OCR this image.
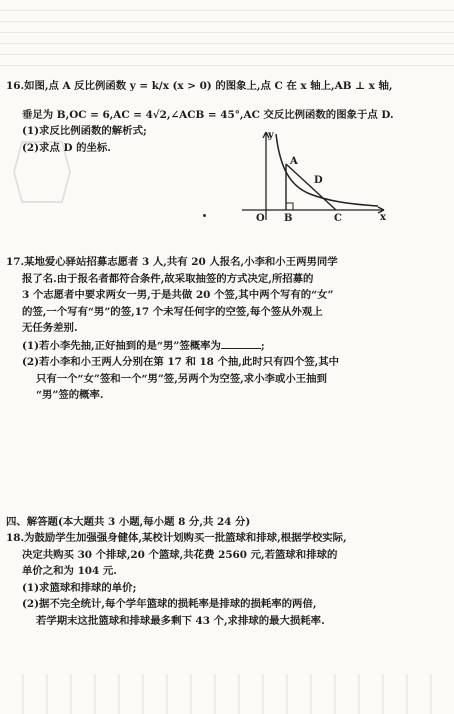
16.如图,点 A 反比例函数 y = k/x (x > 0) 的图象上,点 C 在 x 轴上,AB ⊥ x 轴,
垂足为 B,OC = 6,AC = 4√2,∠ACB = 45°,AC 交反比例函数的图象于点 D.
(1)求反比例函数的解析式;
(2)求点 D 的坐标.
y
x
O B	C
A
D
17.某地爱心驿站招募志愿者 3 人,共有 20 人报名,小李和小王两男同学
报了名.由于报名者都符合条件,故采取抽签的方式决定,所招募的
3 个志愿者中要求两女一男,于是共做 20 个签,其中两个写有的“女”
的签,一个写有“男”的签,17 个未写任何字的空签,每个签从外观上
无任务差别.
(1)若小李先抽,正好抽到的是“男”签概率为	;
(2)若小李和小王两人分别在第 17 和 18 个抽,此时只有四个签,其中
只有一个“女”签和一个“男”签,另两个为空签,求小李或小王抽到
“男”签的概率.
四、解答题(本大题共 3 小题,每小题 8 分,共 24 分)
18.为鼓励学生加强强身健体,某校计划购买一批篮球和排球,根据学校实际,
决定共购买 30 个排球,20 个篮球,共花费 2560 元,若篮球和排球的
单价之和为 104 元.
(1)求篮球和排球的单价;
(2)据不完全统计,每个学年篮球的损耗率是排球的损耗率的两倍,
若学期末这批篮球和排球最多剩下 43 个,求排球的最大损耗率.
